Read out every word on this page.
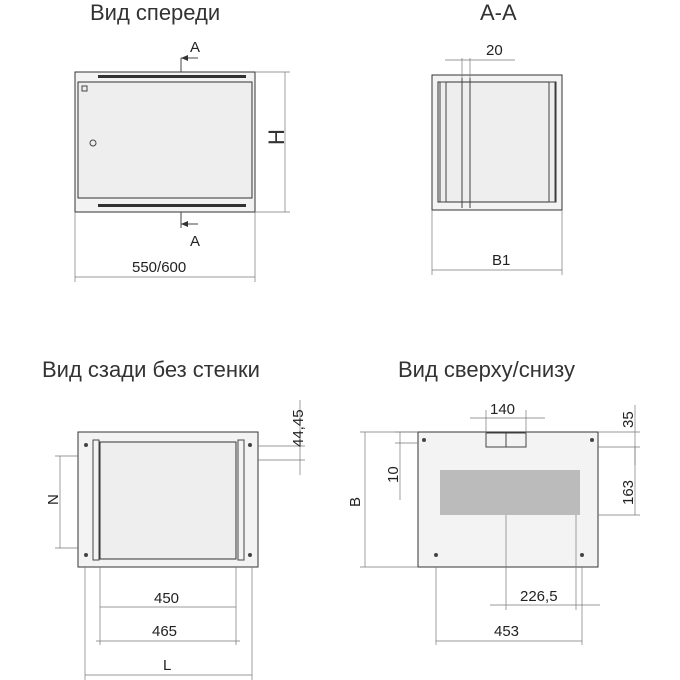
Вид спереди
A
A
H
550/600
A-A
20
B1
Вид сзади без стенки
44,45
N
450
465
L
Вид сверху/снизу
140
35
163
10
B
226,5
453
